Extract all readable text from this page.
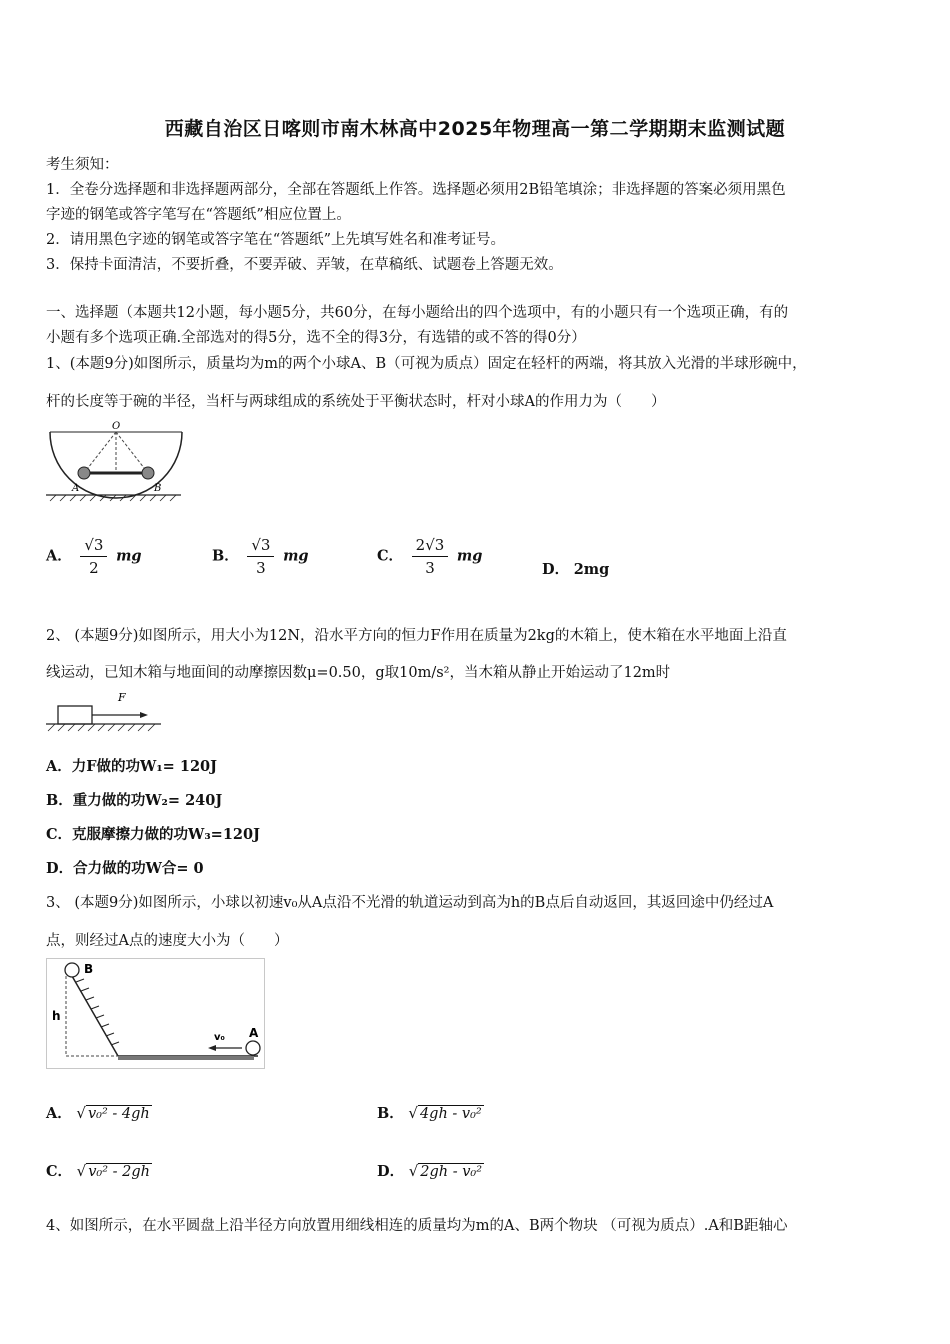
西藏自治区日喀则市南木林高中2025年物理高一第二学期期末监测试题
考生须知：
1．全卷分选择题和非选择题两部分，全部在答题纸上作答。选择题必须用2B铅笔填涂；非选择题的答案必须用黑色
字迹的钢笔或答字笔写在“答题纸”相应位置上。
2．请用黑色字迹的钢笔或答字笔在“答题纸”上先填写姓名和准考证号。
3．保持卡面清洁，不要折叠，不要弄破、弄皱，在草稿纸、试题卷上答题无效。
一、选择题（本题共12小题，每小题5分，共60分，在每小题给出的四个选项中，有的小题只有一个选项正确，有的
小题有多个选项正确.全部选对的得5分，选不全的得3分，有选错的或不答的得0分）
1、(本题9分)如图所示，质量均为m的两个小球A、B（可视为质点）固定在轻杆的两端，将其放入光滑的半球形碗中，
杆的长度等于碗的半径，当杆与两球组成的系统处于平衡状态时，杆对小球A的作用力为（　　）
O
A	B
A． $\frac{√3}{2}$ mg	B． $\frac{√3}{3}$ mg	C． $\frac{2√3}{3}$ mg
D． 2mg
2、 (本题9分)如图所示，用大小为12N，沿水平方向的恒力F作用在质量为2kg的木箱上，使木箱在水平地面上沿直
线运动，已知木箱与地面间的动摩擦因数μ=0.50，g取10m/s²，当木箱从静止开始运动了12m时
F
A．力F做的功W₁= 120J
B．重力做的功W₂= 240J
C．克服摩擦力做的功W₃=120J
D．合力做的功W合= 0
3、 (本题9分)如图所示，小球以初速v₀从A点沿不光滑的轨道运动到高为h的B点后自动返回，其返回途中仍经过A
点，则经过A点的速度大小为（　　）
B
h
v₀ A
A． √ v₀² - 4gh	B． √ 4gh - v₀²
C． √ v₀² - 2gh	D． √ 2gh - v₀²
4、如图所示，在水平圆盘上沿半径方向放置用细线相连的质量均为m的A、B两个物块 （可视为质点）.A和B距轴心
